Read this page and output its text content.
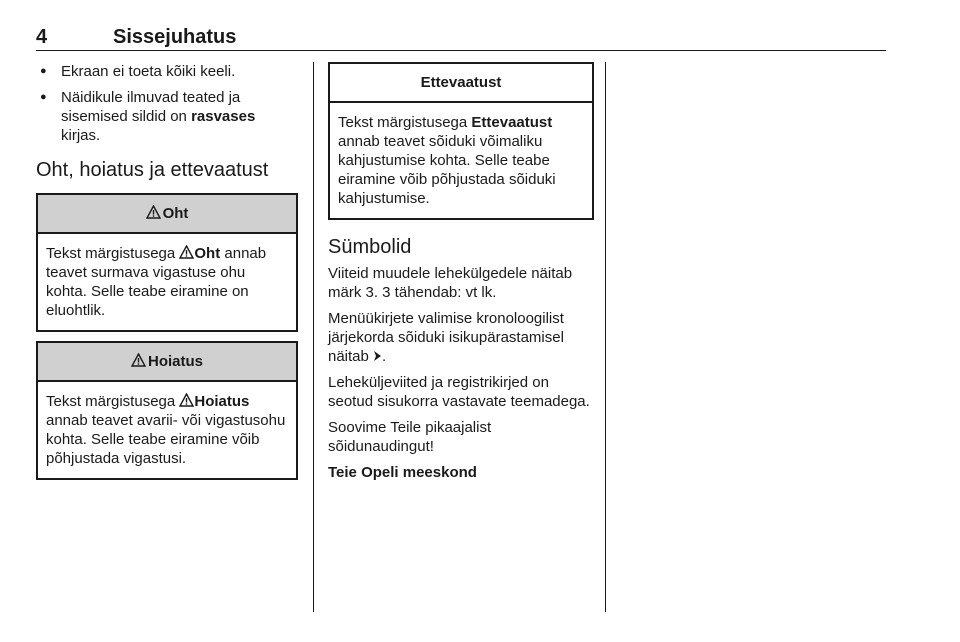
4	Sissejuhatus
● Ekraan ei toeta kõiki keeli.
● Näidikule ilmuvad teated ja sisemised sildid on rasvases kirjas.
Oht, hoiatus ja ettevaatust
Oht
Tekst märgistusega Oht annab teavet surmava vigastuse ohu kohta. Selle teabe eiramine on eluohtlik.
Hoiatus
Tekst märgistusega Hoiatus annab teavet avarii- või vigastusohu kohta. Selle teabe eiramine võib põhjustada vigastusi.
Ettevaatust
Tekst märgistusega Ettevaatust annab teavet sõiduki võimaliku kahjustumise kohta. Selle teabe eiramine võib põhjustada sõiduki kahjustumise.
Sümbolid

Viiteid muudele lehekülgedele näitab märk 3. 3 tähendab: vt lk.

Menüükirjete valimise kronoloogilist järjekorda sõiduki isikupärastamisel näitab .

Leheküljeviited ja registrikirjed on seotud sisukorra vastavate teemadega.

Soovime Teile pikaajalist sõidunaudingut!

Teie Opeli meeskond
